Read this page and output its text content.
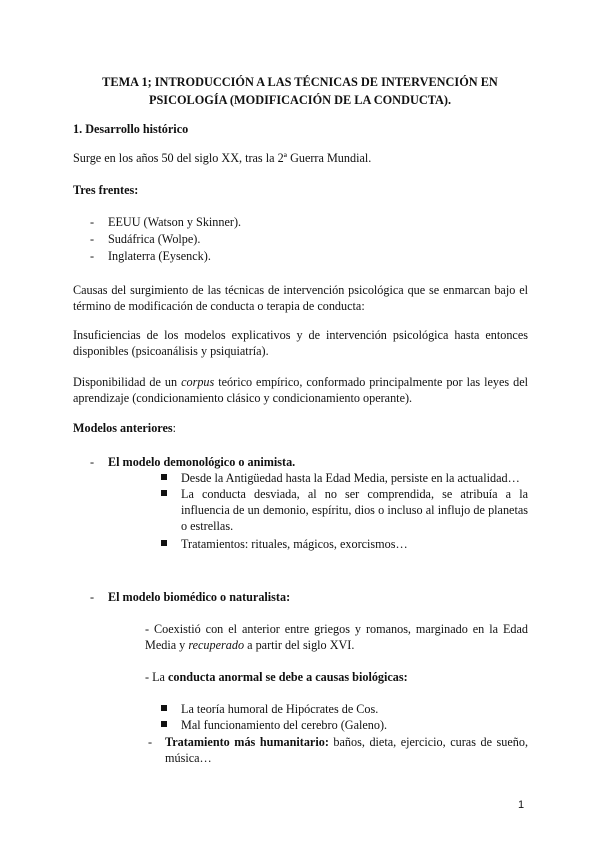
TEMA 1; INTRODUCCIÓN A LAS TÉCNICAS DE INTERVENCIÓN EN
PSICOLOGÍA (MODIFICACIÓN DE LA CONDUCTA).
1. Desarrollo histórico
Surge en los años 50 del siglo XX, tras la 2ª Guerra Mundial.
Tres frentes:
- EEUU (Watson y Skinner).
- Sudáfrica (Wolpe).
- Inglaterra (Eysenck).
Causas del surgimiento de las técnicas de intervención psicológica que se enmarcan bajo el término de modificación de conducta o terapia de conducta:
Insuficiencias de los modelos explicativos y de intervención psicológica hasta entonces disponibles (psicoanálisis y psiquiatría).
Disponibilidad de un corpus teórico empírico, conformado principalmente por las leyes del aprendizaje (condicionamiento clásico y condicionamiento operante).
Modelos anteriores:
- El modelo demonológico o animista.
Desde la Antigüedad hasta la Edad Media, persiste en la actualidad…
La conducta desviada, al no ser comprendida, se atribuía a la influencia de un demonio, espíritu, dios o incluso al influjo de planetas o estrellas.
Tratamientos: rituales, mágicos, exorcismos…
- El modelo biomédico o naturalista:
- Coexistió con el anterior entre griegos y romanos, marginado en la Edad Media y recuperado a partir del siglo XVI.
- La conducta anormal se debe a causas biológicas:
La teoría humoral de Hipócrates de Cos.
Mal funcionamiento del cerebro (Galeno).
- Tratamiento más humanitario: baños, dieta, ejercicio, curas de sueño, música…
1
